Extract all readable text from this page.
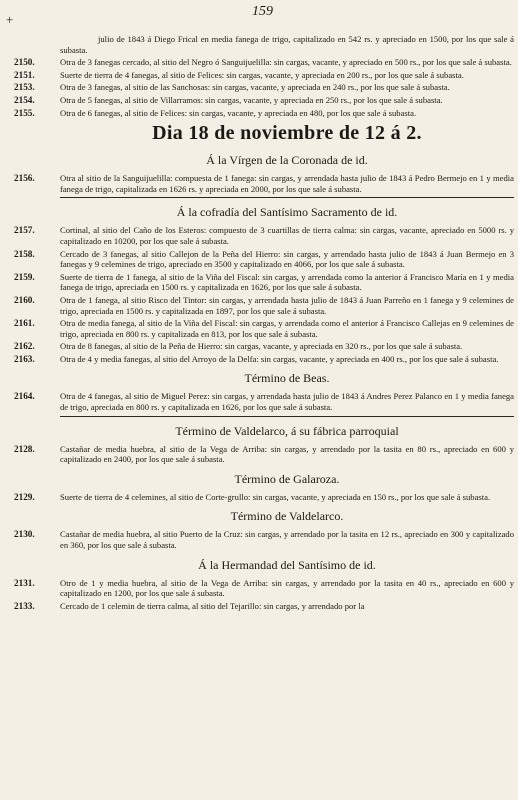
+
159
julio de 1843 á Diego Frical en media fanega de trigo, capitalizado en 542 rs. y apreciado en 1500, por los que sale á subasta.
2150.	Otra de 3 fanegas cercado, al sitio del Negro ó Sanguijuelilla: sin cargas, vacante, y apreciado en 500 rs., por los que sale á subasta.
2151.	Suerte de tierra de 4 fanegas, al sitio de Felices: sin cargas, vacante, y apreciada en 200 rs., por los que sale á subasta.
2153.	Otra de 3 fanegas, al sitio de las Sanchosas: sin cargas, vacante, y apreciada en 240 rs., por los que sale á subasta.
2154.	Otra de 5 fanegas, al sitio de Villarramos: sin cargas, vacante, y apreciada en 250 rs., por los que sale á subasta.
2155.	Otra de 6 fanegas, al sitio de Felices: sin cargas, vacante, y apreciada en 480, por los que sale á subasta.
Dia 18 de noviembre de 12 á 2.
Á la Vírgen de la Coronada de id.
2156.	Otra al sitio de la Sanguijuelilla: compuesta de 1 fanega: sin cargas, y arrendada hasta julio de 1843 á Pedro Bermejo en 1 y media fanega de trigo, capitalizada en 1626 rs. y apreciada en 2000, por los que sale á subasta.
Á la cofradía del Santísimo Sacramento de id.
2157.	Cortinal, al sitio del Caño de los Esteros: compuesto de 3 cuartillas de tierra calma: sin cargas, vacante, apreciado en 5000 rs. y capitalizado en 10200, por los que sale á subasta.
2158.	Cercado de 3 fanegas, al sitio Callejon de la Peña del Hierro: sin cargas, y arrendado hasta julio de 1843 á Juan Bermejo en 3 fanegas y 9 celemines de trigo, apreciado en 3500 y capitalizado en 4066, por los que sale á subasta.
2159.	Suerte de tierra de 1 fanega, al sitio de la Viña del Fiscal: sin cargas, y arrendada como la anterior á Francisco María en 1 y media fanega de trigo, apreciada en 1500 rs. y capitalizada en 1626, por los que sale á subasta.
2160.	Otra de 1 fanega, al sitio Risco del Tintor: sin cargas, y arrendada hasta julio de 1843 á Juan Parreño en 1 fanega y 9 celemines de trigo, apreciada en 1500 rs. y capitalizada en 1897, por los que sale á subasta.
2161.	Otra de media fanega, al sitio de la Viña del Fiscal: sin cargas, y arrendada como el anterior á Francisco Callejas en 9 celemines de trigo, apreciada en 800 rs. y capitalizada en 813, por los que sale á subasta.
2162.	Otra de 8 fanegas, al sitio de la Peña de Hierro: sin cargas, vacante, y apreciada en 320 rs., por los que sale á subasta.
2163.	Otra de 4 y media fanegas, al sitio del Arroyo de la Delfa: sin cargas, vacante, y apreciada en 400 rs., por los que sale á subasta.
Término de Beas.
2164.	Otra de 4 fanegas, al sitio de Miguel Perez: sin cargas, y arrendada hasta julio de 1843 á Andres Perez Palanco en 1 y media fanega de trigo, apreciada en 800 rs. y capitalizada en 1626, por los que sale á subasta.
Término de Valdelarco, á su fábrica parroquial
2128.	Castañar de media huebra, al sitio de la Vega de Arriba: sin cargas, y arrendado por la tasita en 80 rs., apreciado en 600 y capitalizado en 2400, por los que sale á subasta.
Término de Galaroza.
2129.	Suerte de tierra de 4 celemines, al sitio de Corte-grullo: sin cargas, vacante, y apreciada en 150 rs., por los que sale á subasta.
Término de Valdelarco.
2130.	Castañar de media huebra, al sitio Puerto de la Cruz: sin cargas, y arrendado por la tasita en 12 rs., apreciado en 300 y capitalizado en 360, por los que sale á subasta.
Á la Hermandad del Santísimo de id.
2131.	Otro de 1 y media huebra, al sitio de la Vega de Arriba: sin cargas, y arrendado por la tasita en 40 rs., apreciado en 600 y capitalizado en 1200, por los que sale á subasta.
2133.	Cercado de 1 celemin de tierra calma, al sitio del Tejarillo: sin cargas, y arrendado por la
